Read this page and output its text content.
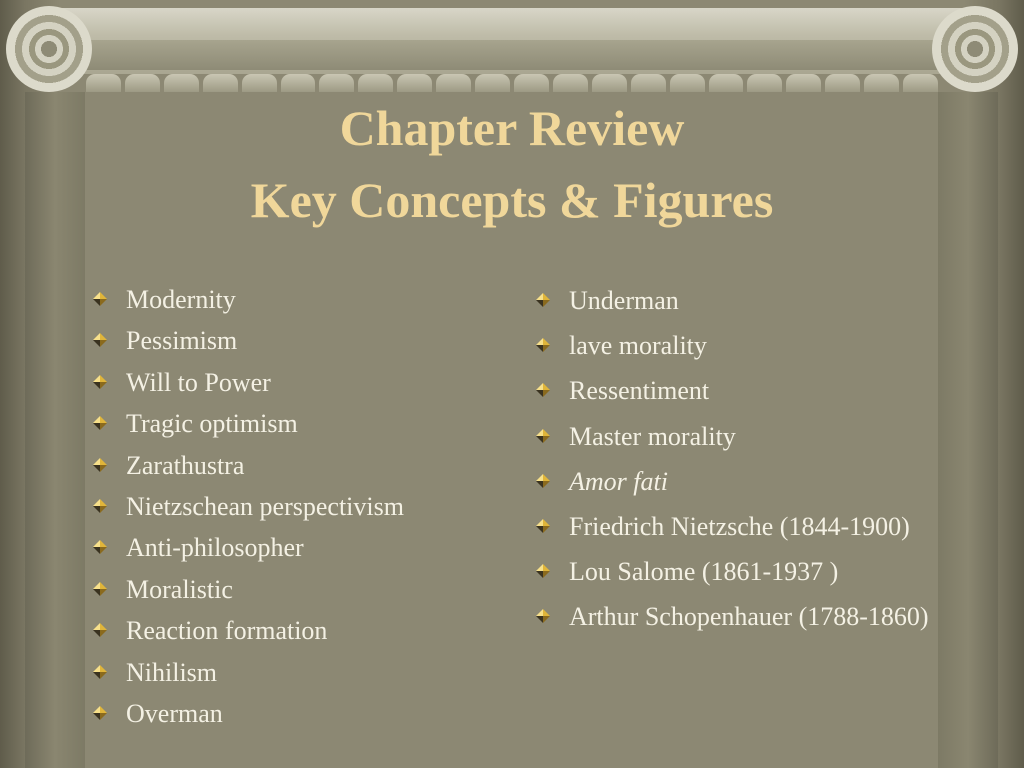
Chapter Review
Key Concepts & Figures
Modernity
Pessimism
Will to Power
Tragic optimism
Zarathustra
Nietzschean perspectivism
Anti-philosopher
Moralistic
Reaction formation
Nihilism
Overman
Underman
lave morality
Ressentiment
Master morality
Amor fati
Friedrich Nietzsche (1844-1900)
Lou Salome (1861-1937 )
Arthur Schopenhauer (1788-1860)
